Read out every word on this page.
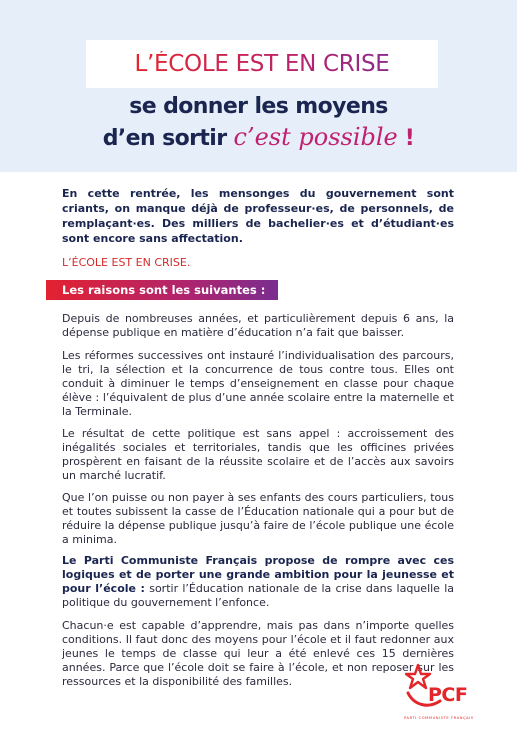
L’ÉCOLE EST EN CRISE
se donner les moyens
d’en sortir c’est possible !
En cette rentrée, les mensonges du gouvernement sont criants, on manque déjà de professeur·es, de personnels, de remplaçant·es. Des milliers de bachelier·es et d’étudiant·es sont encore sans affectation.
L’ÉCOLE EST EN CRISE.
Les raisons sont les suivantes :
Depuis de nombreuses années, et particulièrement depuis 6 ans, la dépense publique en matière d’éducation n’a fait que baisser.
Les réformes successives ont instauré l’individualisation des parcours, le tri, la sélection et la concurrence de tous contre tous. Elles ont conduit à diminuer le temps d’enseignement en classe pour chaque élève : l’équivalent de plus d’une année scolaire entre la maternelle et la Terminale.
Le résultat de cette politique est sans appel : accroissement des inégalités sociales et territoriales, tandis que les officines privées prospèrent en faisant de la réussite scolaire et de l’accès aux savoirs un marché lucratif.
Que l’on puisse ou non payer à ses enfants des cours particuliers, tous et toutes subissent la casse de l’Éducation nationale qui a pour but de réduire la dépense publique jusqu’à faire de l’école publique une école a minima.
Le Parti Communiste Français propose de rompre avec ces logiques et de porter une grande ambition pour la jeunesse et pour l’école : sortir l’Éducation nationale de la crise dans laquelle la politique du gouvernement l’enfonce.
Chacun·e est capable d’apprendre, mais pas dans n’importe quelles conditions. Il faut donc des moyens pour l’école et il faut redonner aux jeunes le temps de classe qui leur a été enlevé ces 15 dernières années. Parce que l’école doit se faire à l’école, et non reposer sur les ressources et la disponibilité des familles.
PCF
PARTI COMMUNISTE FRANÇAIS
